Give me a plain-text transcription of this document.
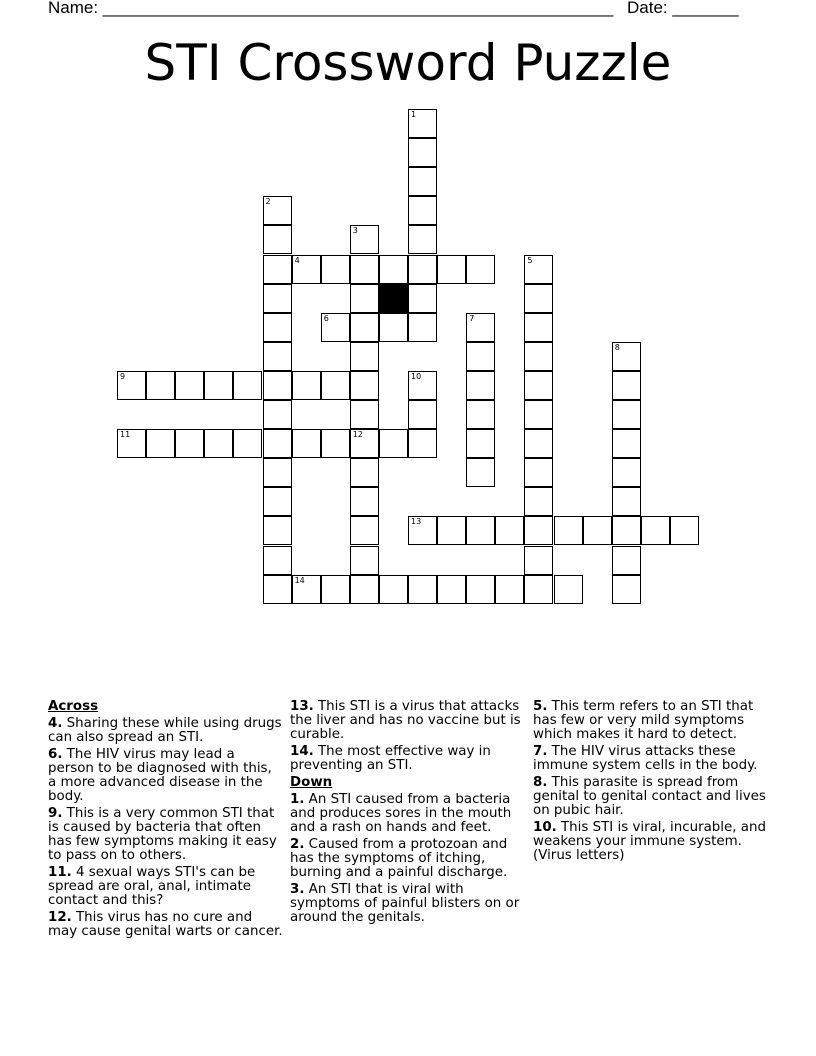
Name: ______________________________________________________ Date: _______
STI Crossword Puzzle
1
2
3
12
5
6	7
8
10
13
4
9
11
14
Across
4. Sharing these while using drugs can also spread an STI.
6. The HIV virus may lead a person to be diagnosed with this, a more advanced disease in the body.
9. This is a very common STI that is caused by bacteria that often has few symptoms making it easy to pass on to others.
11. 4 sexual ways STI's can be spread are oral, anal, intimate contact and this?
12. This virus has no cure and may cause genital warts or cancer.
13. This STI is a virus that attacks the liver and has no vaccine but is curable.
14. The most effective way in preventing an STI.
Down
1. An STI caused from a bacteria and produces sores in the mouth and a rash on hands and feet.
2. Caused from a protozoan and has the symptoms of itching, burning and a painful discharge.
3. An STI that is viral with symptoms of painful blisters on or around the genitals.
5. This term refers to an STI that has few or very mild symptoms which makes it hard to detect.
7. The HIV virus attacks these immune system cells in the body.
8. This parasite is spread from genital to genital contact and lives on pubic hair.
10. This STI is viral, incurable, and weakens your immune system. (Virus letters)
